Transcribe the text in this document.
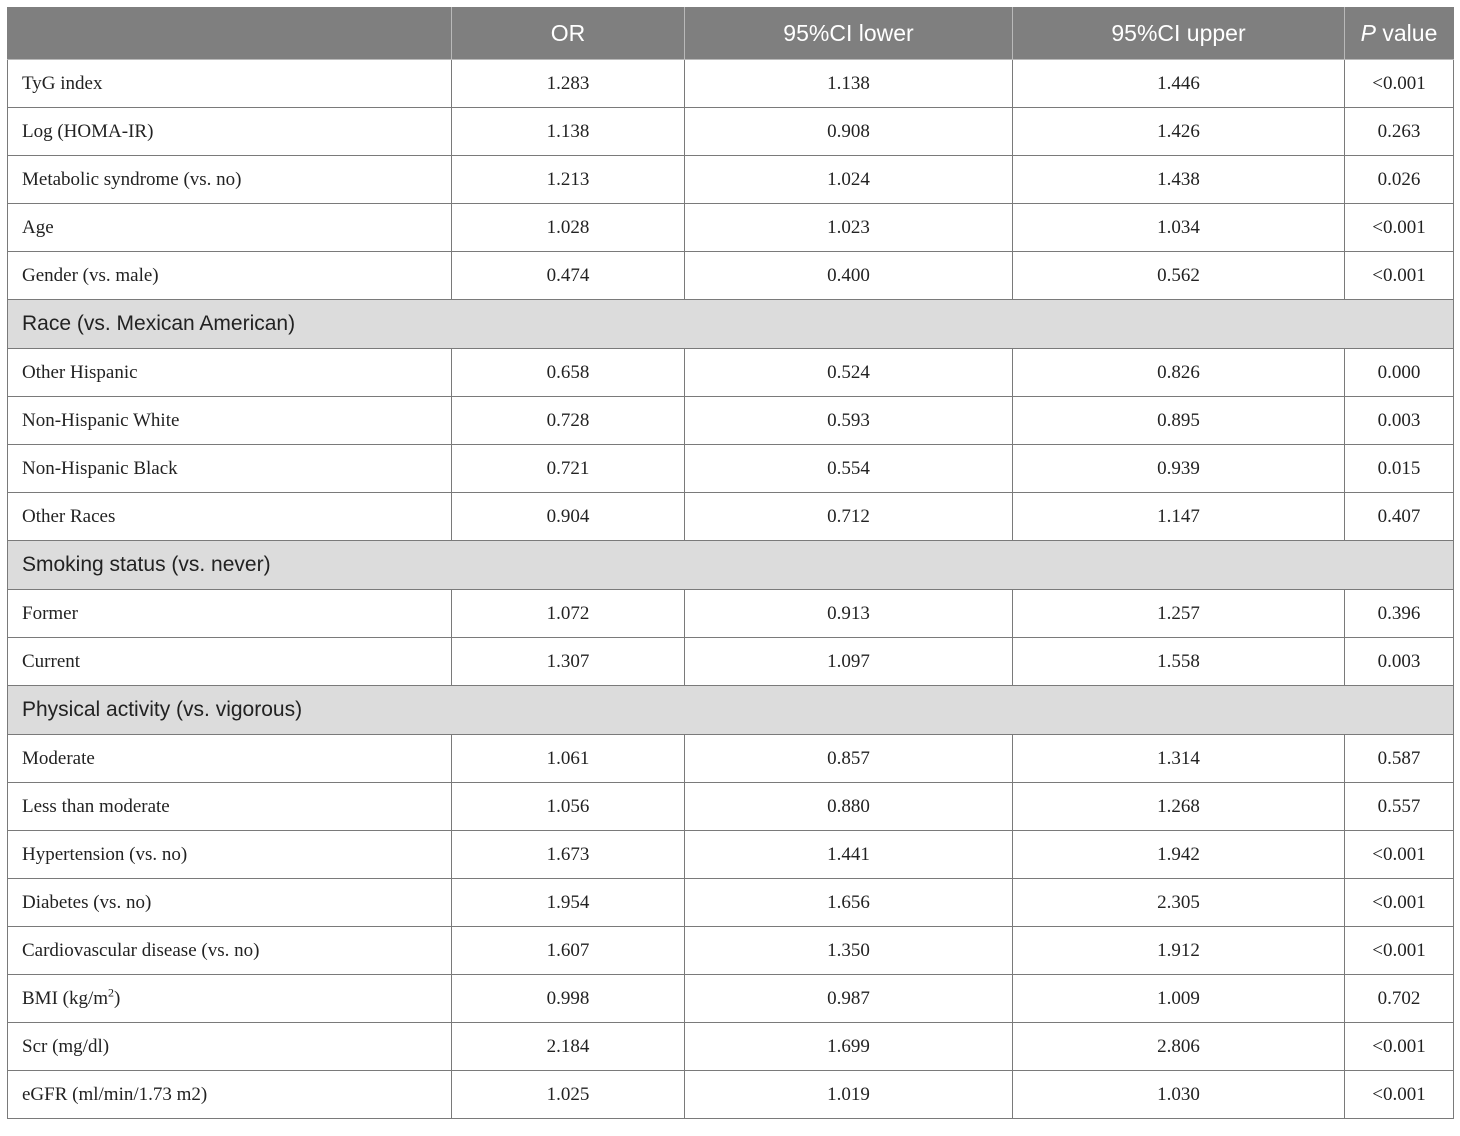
	OR	95%CI lower	95%CI upper	P value
TyG index	1.283	1.138	1.446	<0.001
Log (HOMA-IR)	1.138	0.908	1.426	0.263
Metabolic syndrome (vs. no)	1.213	1.024	1.438	0.026
Age	1.028	1.023	1.034	<0.001
Gender (vs. male)	0.474	0.400	0.562	<0.001
Race (vs. Mexican American)				
Other Hispanic	0.658	0.524	0.826	0.000
Non-Hispanic White	0.728	0.593	0.895	0.003
Non-Hispanic Black	0.721	0.554	0.939	0.015
Other Races	0.904	0.712	1.147	0.407
Smoking status (vs. never)				
Former	1.072	0.913	1.257	0.396
Current	1.307	1.097	1.558	0.003
Physical activity (vs. vigorous)				
Moderate	1.061	0.857	1.314	0.587
Less than moderate	1.056	0.880	1.268	0.557
Hypertension (vs. no)	1.673	1.441	1.942	<0.001
Diabetes (vs. no)	1.954	1.656	2.305	<0.001
Cardiovascular disease (vs. no)	1.607	1.350	1.912	<0.001
BMI $(kg/m^2)$	0.998	0.987	1.009	0.702
Scr (mg/dl)	2.184	1.699	2.806	<0.001
eGFR (ml/min/1.73 m2)	1.025	1.019	1.030	<0.001
